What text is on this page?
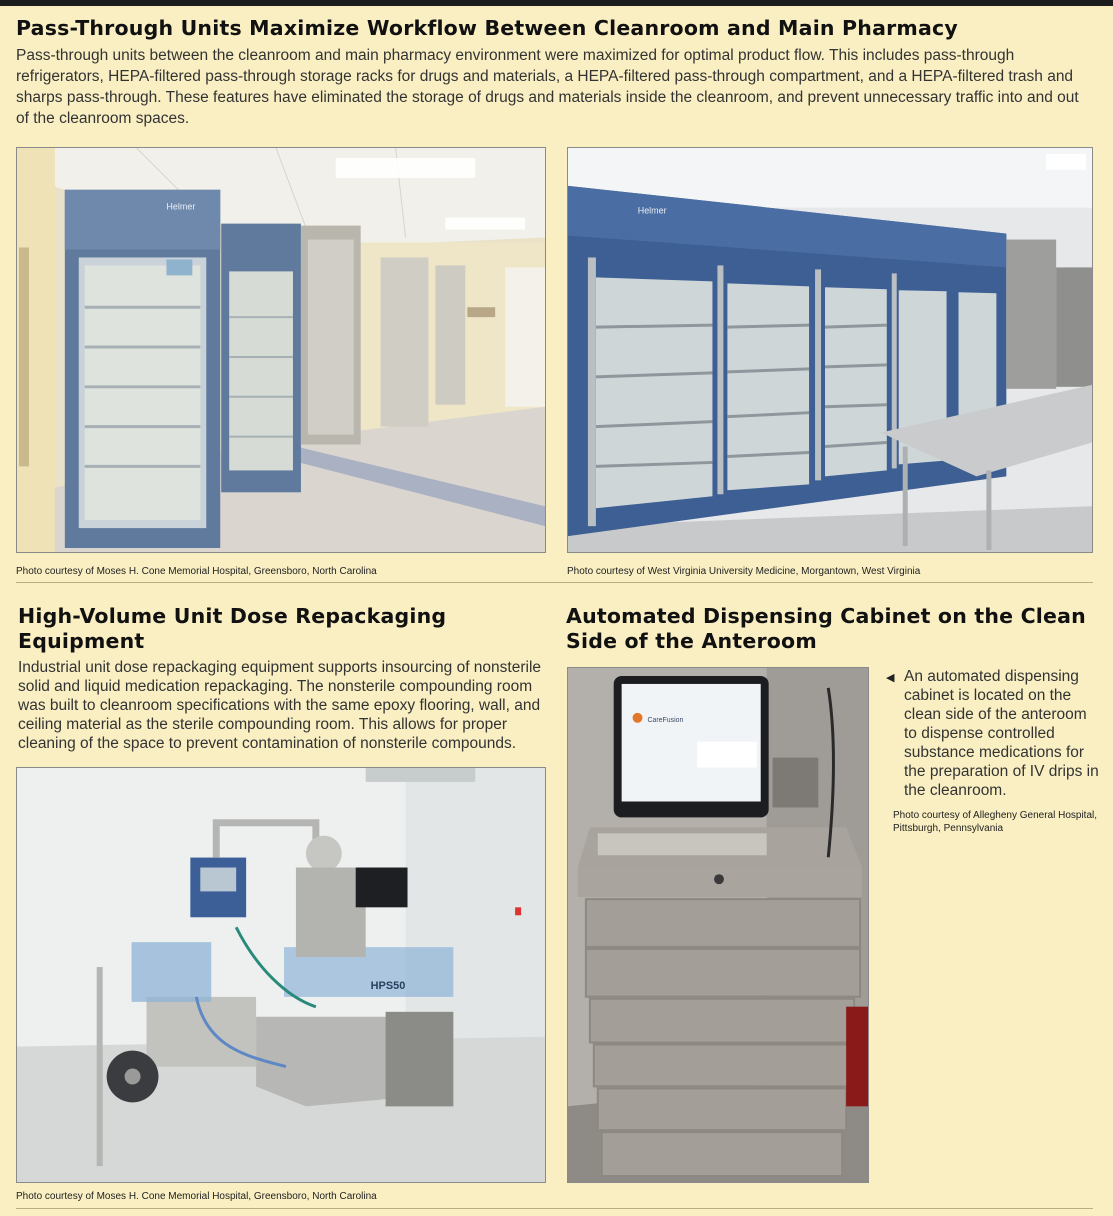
Pass-Through Units Maximize Workflow Between Cleanroom and Main Pharmacy

Pass-through units between the cleanroom and main pharmacy environment were maximized for optimal product flow. This includes pass-through refrigerators, HEPA-filtered pass-through storage racks for drugs and materials, a HEPA-filtered pass-through compartment, and a HEPA-filtered trash and sharps pass-through. These features have eliminated the storage of drugs and materials inside the cleanroom, and prevent unnecessary traffic into and out of the cleanroom spaces.

Helmer
Photo courtesy of Moses H. Cone Memorial Hospital, Greensboro, North Carolina
Helmer
Photo courtesy of West Virginia University Medicine, Morgantown, West Virginia
High-Volume Unit Dose Repackaging Equipment

Industrial unit dose repackaging equipment supports insourcing of nonsterile solid and liquid medication repackaging. The nonsterile compounding room was built to cleanroom specifications with the same epoxy flooring, wall, and ceiling material as the sterile compounding room. This allows for proper cleaning of the space to prevent contamination of nonsterile compounds.

HPS50
Photo courtesy of Moses H. Cone Memorial Hospital, Greensboro, North Carolina
Automated Dispensing Cabinet on the Clean Side of the Anteroom
CareFusion
◀ An automated dispensing cabinet is located on the clean side of the anteroom to dispense controlled substance medications for the preparation of IV drips in the cleanroom.
Photo courtesy of Allegheny General Hospital, Pittsburgh, Pennsylvania
